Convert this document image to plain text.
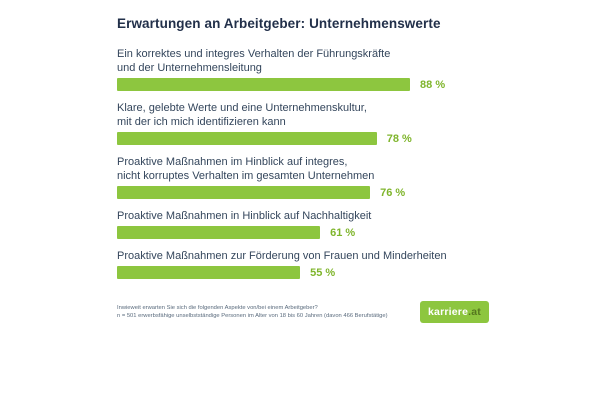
Erwartungen an Arbeitgeber: Unternehmenswerte
Ein korrektes und integres Verhalten der Führungskräfte
und der Unternehmensleitung
88 %
Klare, gelebte Werte und eine Unternehmenskultur,
mit der ich mich identifizieren kann
78 %
Proaktive Maßnahmen im Hinblick auf integres,
nicht korruptes Verhalten im gesamten Unternehmen
76 %
Proaktive Maßnahmen in Hinblick auf Nachhaltigkeit
61 %
Proaktive Maßnahmen zur Förderung von Frauen und Minderheiten
55 %
Inwieweit erwarten Sie sich die folgenden Aspekte von/bei einem Arbeitgeber?
n = 501 erwerbsfähige unselbstständige Personen im Alter von 18 bis 60 Jahren (davon 466 Berufstätige)	karriere .at
